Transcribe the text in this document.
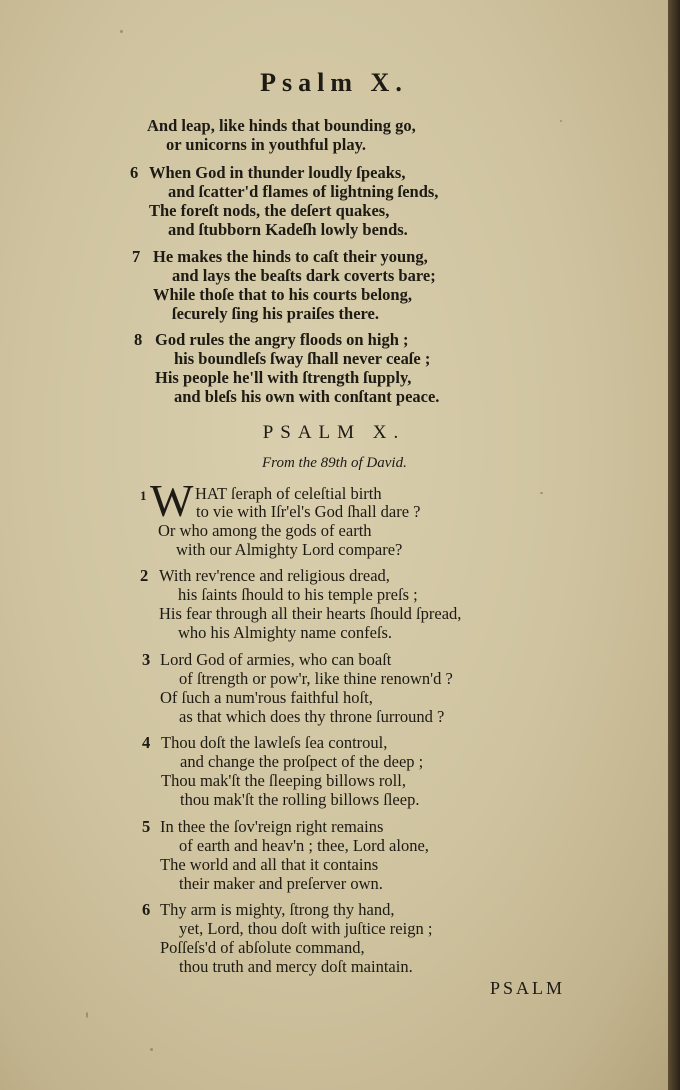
Psalm X.
And leap, like hinds that bounding go,
or unicorns in youthful play.
6 When God in thunder loudly ſpeaks,
and ſcatter'd flames of lightning ſends,
The foreſt nods, the deſert quakes,
and ſtubborn Kadeſh lowly bends.
7 He makes the hinds to caſt their young,
and lays the beaſts dark coverts bare;
While thoſe that to his courts belong,
ſecurely ſing his praiſes there.
8 God rules the angry floods on high ;
his boundleſs ſway ſhall never ceaſe ;
His people he'll with ſtrength ſupply,
and bleſs his own with conſtant peace.
PSALM X.
From the 89th of David.
1 W HAT ſeraph of celeſtial birth
to vie with Iſr'el's God ſhall dare ?
Or who among the gods of earth
with our Almighty Lord compare?
2 With rev'rence and religious dread,
his ſaints ſhould to his temple preſs ;
His fear through all their hearts ſhould ſpread,
who his Almighty name confeſs.
3 Lord God of armies, who can boaſt
of ſtrength or pow'r, like thine renown'd ?
Of ſuch a num'rous faithful hoſt,
as that which does thy throne ſurround ?
4 Thou doſt the lawleſs ſea controul,
and change the proſpect of the deep ;
Thou mak'ſt the ſleeping billows roll,
thou mak'ſt the rolling billows ſleep.
5 In thee the ſov'reign right remains
of earth and heav'n ; thee, Lord alone,
The world and all that it contains
their maker and preſerver own.
6 Thy arm is mighty, ſtrong thy hand,
yet, Lord, thou doſt with juſtice reign ;
Poſſeſs'd of abſolute command,
thou truth and mercy doſt maintain.
PSALM
